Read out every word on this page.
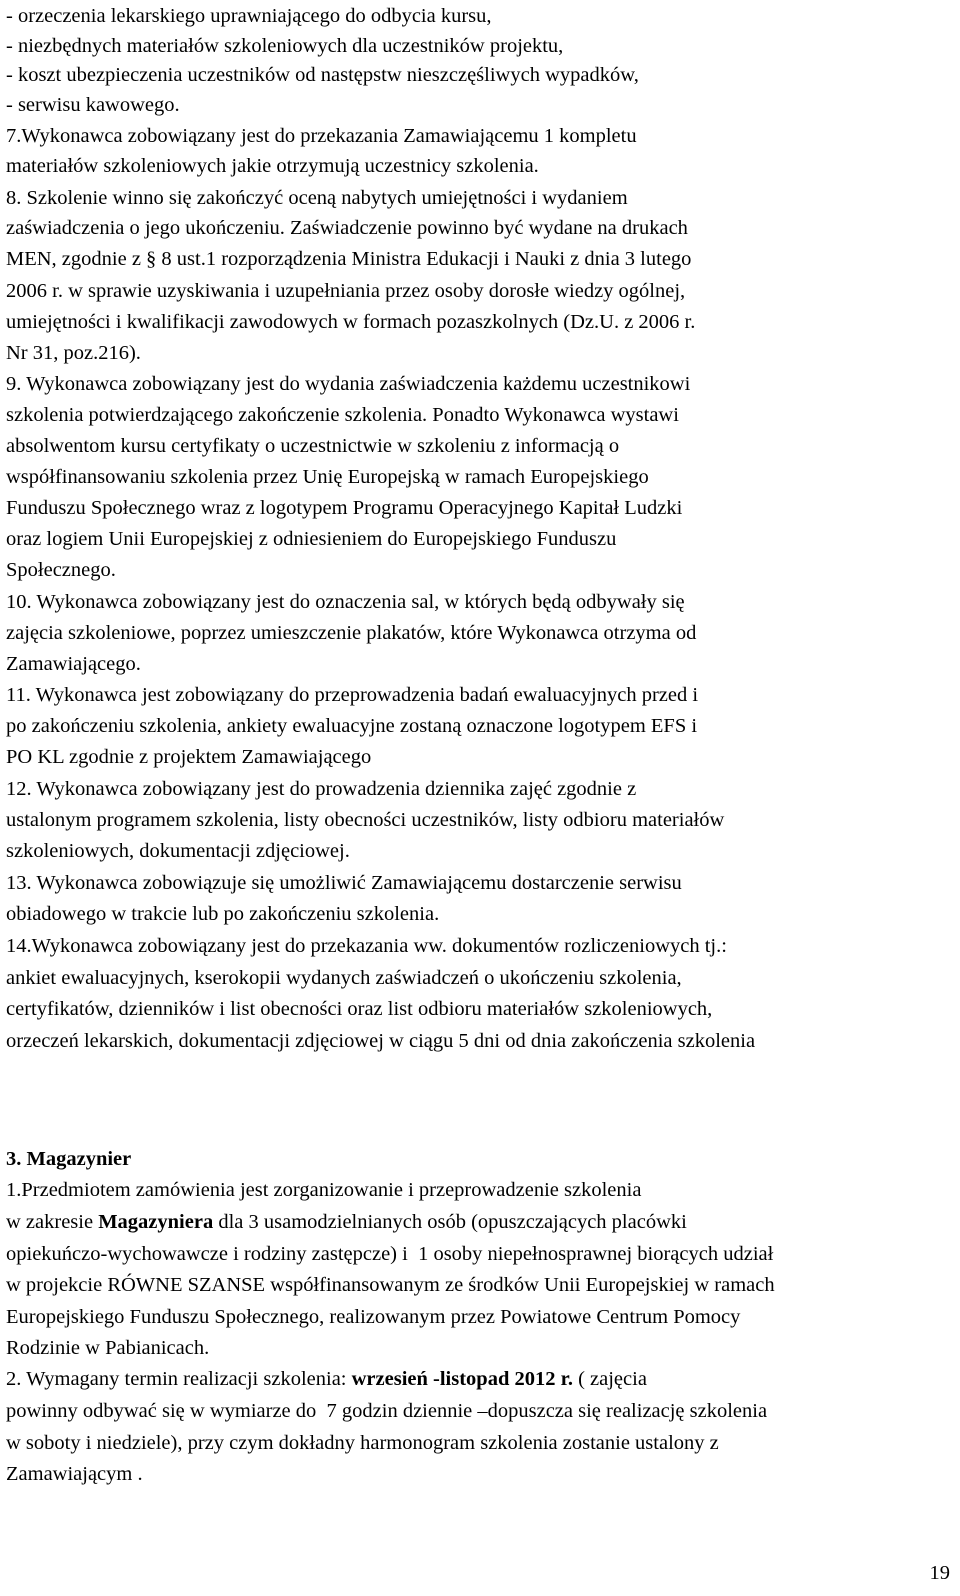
- orzeczenia lekarskiego uprawniającego do odbycia kursu,
- niezbędnych materiałów szkoleniowych dla uczestników projektu,
- koszt ubezpieczenia uczestników od następstw nieszczęśliwych wypadków,
- serwisu kawowego.
7.Wykonawca zobowiązany jest do przekazania Zamawiającemu 1 kompletu
materiałów szkoleniowych jakie otrzymują uczestnicy szkolenia.
8. Szkolenie winno się zakończyć oceną nabytych umiejętności i wydaniem
zaświadczenia o jego ukończeniu. Zaświadczenie powinno być wydane na drukach
MEN, zgodnie z § 8 ust.1 rozporządzenia Ministra Edukacji i Nauki z dnia 3 lutego
2006 r. w sprawie uzyskiwania i uzupełniania przez osoby dorosłe wiedzy ogólnej,
umiejętności i kwalifikacji zawodowych w formach pozaszkolnych (Dz.U. z 2006 r.
Nr 31, poz.216).
9. Wykonawca zobowiązany jest do wydania zaświadczenia każdemu uczestnikowi
szkolenia potwierdzającego zakończenie szkolenia. Ponadto Wykonawca wystawi
absolwentom kursu certyfikaty o uczestnictwie w szkoleniu z informacją o
współfinansowaniu szkolenia przez Unię Europejską w ramach Europejskiego
Funduszu Społecznego wraz z logotypem Programu Operacyjnego Kapitał Ludzki
oraz logiem Unii Europejskiej z odniesieniem do Europejskiego Funduszu
Społecznego.
10. Wykonawca zobowiązany jest do oznaczenia sal, w których będą odbywały się
zajęcia szkoleniowe, poprzez umieszczenie plakatów, które Wykonawca otrzyma od
Zamawiającego.
11. Wykonawca jest zobowiązany do przeprowadzenia badań ewaluacyjnych przed i
po zakończeniu szkolenia, ankiety ewaluacyjne zostaną oznaczone logotypem EFS i
PO KL zgodnie z projektem Zamawiającego
12. Wykonawca zobowiązany jest do prowadzenia dziennika zajęć zgodnie z
ustalonym programem szkolenia, listy obecności uczestników, listy odbioru materiałów
szkoleniowych, dokumentacji zdjęciowej.
13. Wykonawca zobowiązuje się umożliwić Zamawiającemu dostarczenie serwisu
obiadowego w trakcie lub po zakończeniu szkolenia.
14.Wykonawca zobowiązany jest do przekazania ww. dokumentów rozliczeniowych tj.:
ankiet ewaluacyjnych, kserokopii wydanych zaświadczeń o ukończeniu szkolenia,
certyfikatów, dzienników i list obecności oraz list odbioru materiałów szkoleniowych,
orzeczeń lekarskich, dokumentacji zdjęciowej w ciągu 5 dni od dnia zakończenia szkolenia
3. Magazynier
1.Przedmiotem zamówienia jest zorganizowanie i przeprowadzenie szkolenia
w zakresie Magazyniera dla 3 usamodzielnianych osób (opuszczających placówki
opiekuńczo-wychowawcze i rodziny zastępcze) i  1 osoby niepełnosprawnej biorących udział
w projekcie RÓWNE SZANSE współfinansowanym ze środków Unii Europejskiej w ramach
Europejskiego Funduszu Społecznego, realizowanym przez Powiatowe Centrum Pomocy
Rodzinie w Pabianicach.
2. Wymagany termin realizacji szkolenia: wrzesień -listopad 2012 r. ( zajęcia
powinny odbywać się w wymiarze do  7 godzin dziennie –dopuszcza się realizację szkolenia
w soboty i niedziele), przy czym dokładny harmonogram szkolenia zostanie ustalony z
Zamawiającym .
19
